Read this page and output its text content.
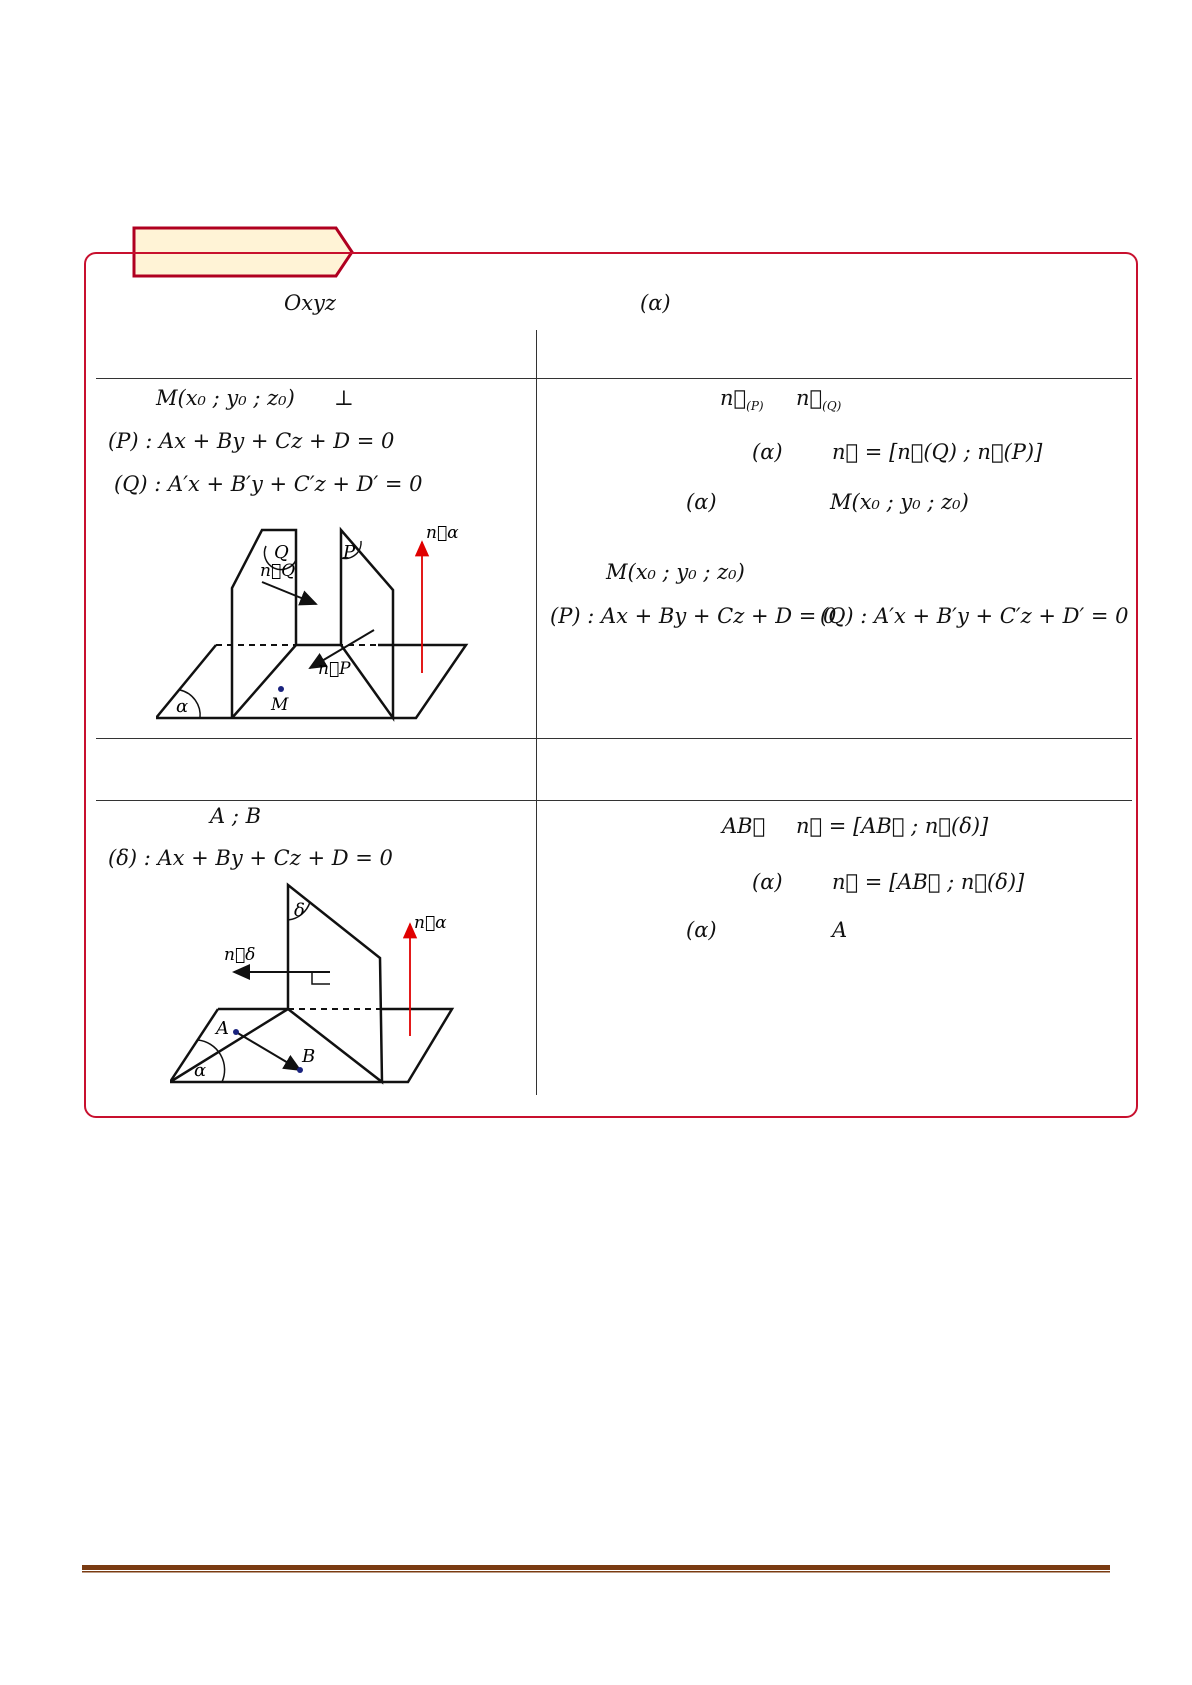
Oxyz	(α)
M(x₀ ; y₀ ; z₀) ⊥
(P) : Ax + By + Cz + D = 0
(Q) : A′x + B′y + C′z + D′ = 0
Q	P
n⃗Q
n⃗P
n⃗α
α	M
$n⃗_{(P)}$ $n⃗_{(Q)}$
(α) n⃗ = [n⃗(Q) ; n⃗(P)]
(α)	M(x₀ ; y₀ ; z₀)
M(x₀ ; y₀ ; z₀)
(P) : Ax + By + Cz + D = 0
(Q) : A′x + B′y + C′z + D′ = 0
A ; B
(δ) : Ax + By + Cz + D = 0
δ
n⃗δ
n⃗α
A
B
α
AB⃗ n⃗ = [AB⃗ ; n⃗(δ)]
(α) n⃗ = [AB⃗ ; n⃗(δ)]
(α)	A
